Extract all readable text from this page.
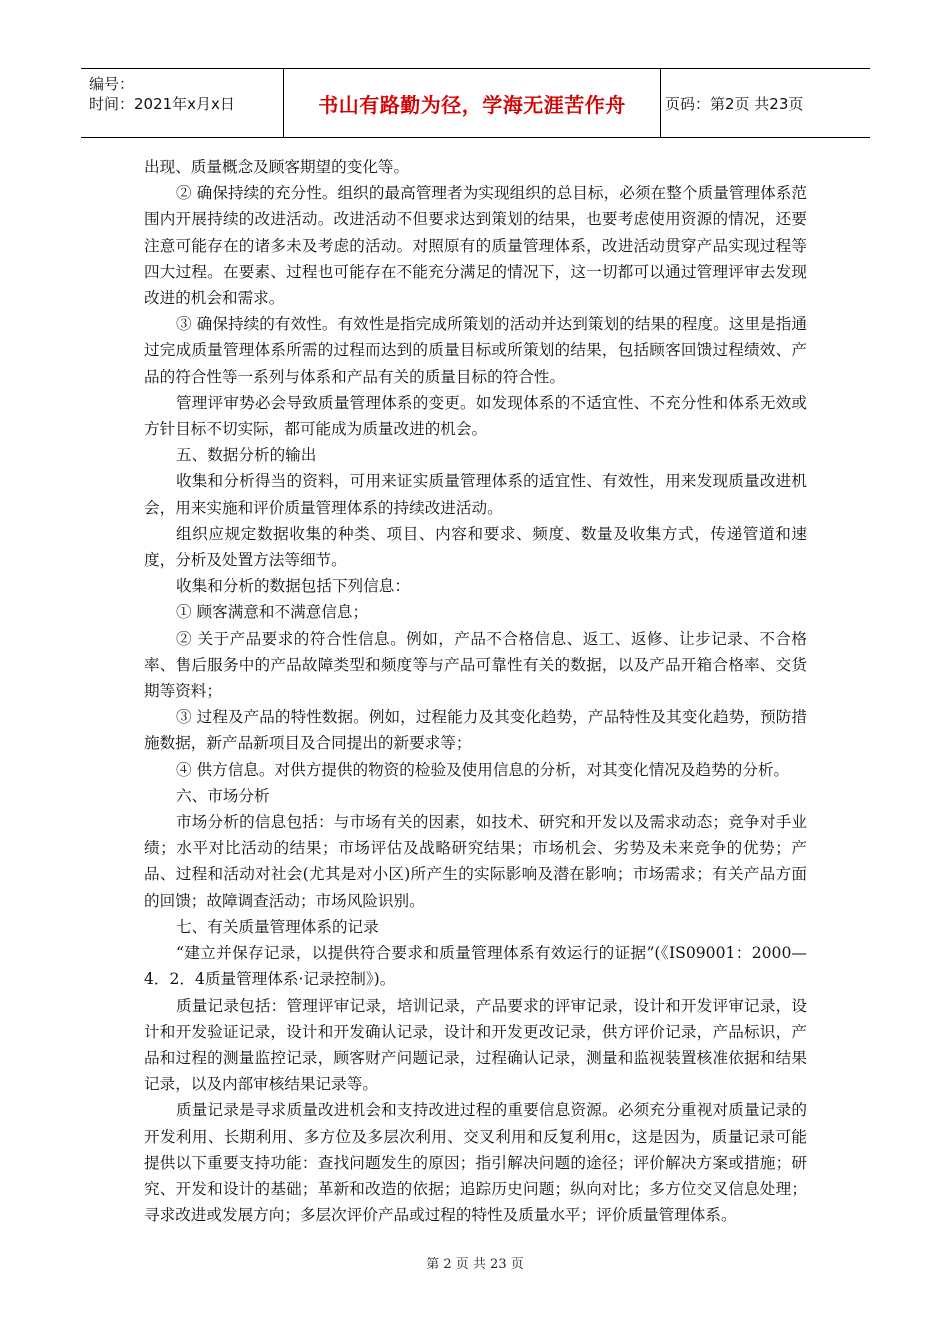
编号：
时间：2021年x月x日	书山有路勤为径，学海无涯苦作舟	页码：第2页 共23页

出现、质量概念及顾客期望的变化等。

② 确保持续的充分性。组织的最高管理者为实现组织的总目标，必须在整个质量管理体系范围内开展持续的改进活动。改进活动不但要求达到策划的结果，也要考虑使用资源的情况，还要注意可能存在的诸多未及考虑的活动。对照原有的质量管理体系，改进活动贯穿产品实现过程等四大过程。在要素、过程也可能存在不能充分满足的情况下，这一切都可以通过管理评审去发现改进的机会和需求。

③ 确保持续的有效性。有效性是指完成所策划的活动并达到策划的结果的程度。这里是指通过完成质量管理体系所需的过程而达到的质量目标或所策划的结果，包括顾客回馈过程绩效、产品的符合性等一系列与体系和产品有关的质量目标的符合性。

管理评审势必会导致质量管理体系的变更。如发现体系的不适宜性、不充分性和体系无效或方针目标不切实际，都可能成为质量改进的机会。

五、数据分析的输出

收集和分析得当的资料，可用来证实质量管理体系的适宜性、有效性，用来发现质量改进机会，用来实施和评价质量管理体系的持续改进活动。

组织应规定数据收集的种类、项目、内容和要求、频度、数量及收集方式，传递管道和速度，分析及处置方法等细节。

收集和分析的数据包括下列信息：

① 顾客满意和不满意信息；

② 关于产品要求的符合性信息。例如，产品不合格信息、返工、返修、让步记录、不合格率、售后服务中的产品故障类型和频度等与产品可靠性有关的数据，以及产品开箱合格率、交货期等资料；

③ 过程及产品的特性数据。例如，过程能力及其变化趋势，产品特性及其变化趋势，预防措施数据，新产品新项目及合同提出的新要求等；

④ 供方信息。对供方提供的物资的检验及使用信息的分析，对其变化情况及趋势的分析。

六、市场分析

市场分析的信息包括：与市场有关的因素，如技术、研究和开发以及需求动态；竞争对手业绩；水平对比活动的结果；市场评估及战略研究结果；市场机会、劣势及未来竞争的优势；产品、过程和活动对社会(尤其是对小区)所产生的实际影响及潜在影响；市场需求；有关产品方面的回馈；故障调查活动；市场风险识别。

七、有关质量管理体系的记录

“建立并保存记录，以提供符合要求和质量管理体系有效运行的证据”(《IS09001：2000—4．2．4质量管理体系·记录控制》)。

质量记录包括：管理评审记录，培训记录，产品要求的评审记录，设计和开发评审记录，设计和开发验证记录，设计和开发确认记录，设计和开发更改记录，供方评价记录，产品标识，产品和过程的测量监控记录，顾客财产问题记录，过程确认记录，测量和监视装置核准依据和结果记录，以及内部审核结果记录等。

质量记录是寻求质量改进机会和支持改进过程的重要信息资源。必须充分重视对质量记录的开发利用、长期利用、多方位及多层次利用、交叉利用和反复利用c，这是因为，质量记录可能提供以下重要支持功能：查找问题发生的原因；指引解决问题的途径；评价解决方案或措施；研究、开发和设计的基础；革新和改造的依据；追踪历史问题；纵向对比；多方位交叉信息处理；寻求改进或发展方向；多层次评价产品或过程的特性及质量水平；评价质量管理体系。

第 2 页 共 23 页
